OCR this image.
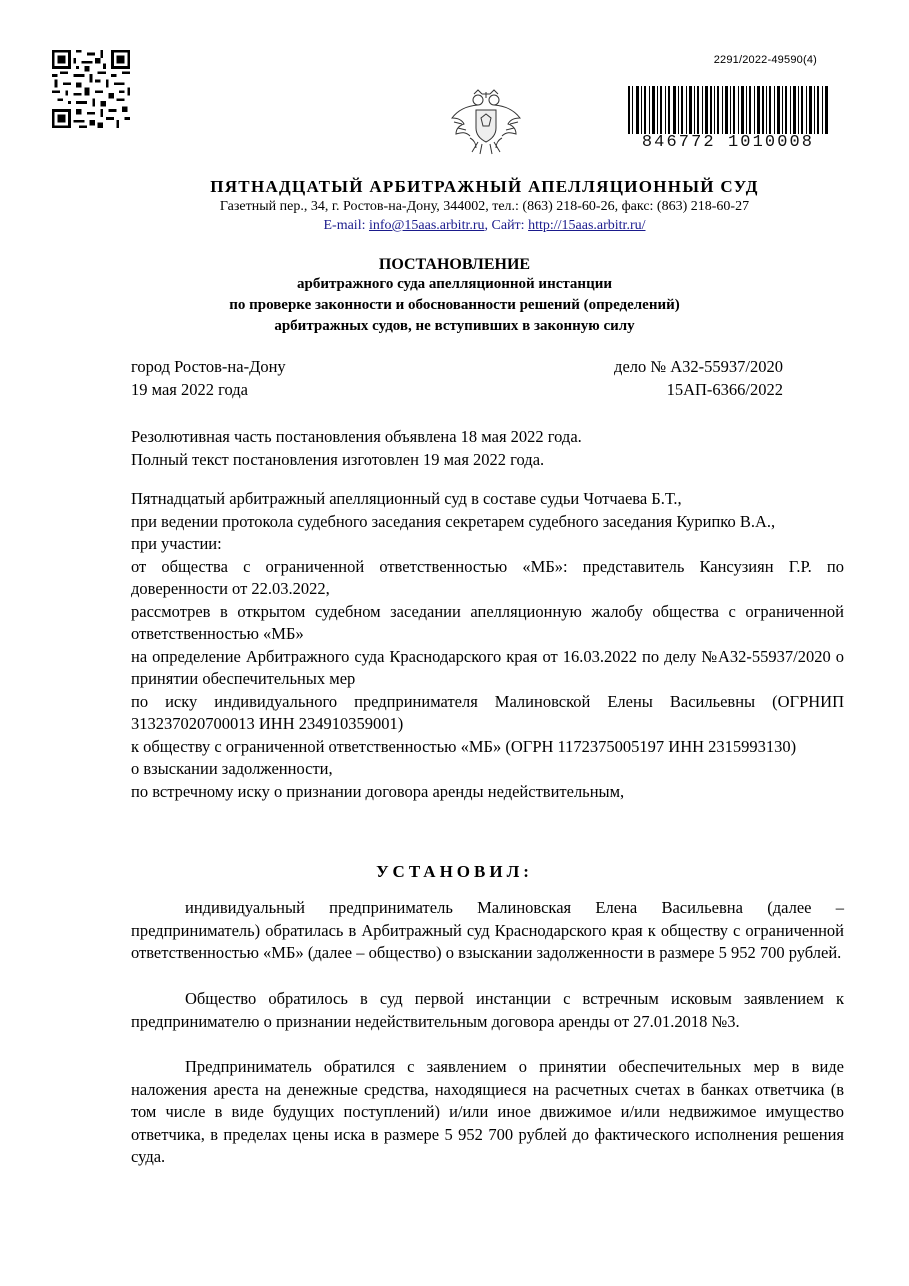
2291/2022-49590(4)
846772 1010008
ПЯТНАДЦАТЫЙ АРБИТРАЖНЫЙ АПЕЛЛЯЦИОННЫЙ СУД
Газетный пер., 34, г. Ростов-на-Дону, 344002, тел.: (863) 218-60-26, факс: (863) 218-60-27
E-mail: info@15aas.arbitr.ru, Сайт: http://15aas.arbitr.ru/
ПОСТАНОВЛЕНИЕ
арбитражного суда апелляционной инстанции
по проверке законности и обоснованности решений (определений)
арбитражных судов, не вступивших в законную силу
город Ростов-на-Дону
19 мая 2022 года
дело № А32-55937/2020
15АП-6366/2022
Резолютивная часть постановления объявлена 18 мая 2022 года.
Полный текст постановления изготовлен 19 мая 2022 года.
Пятнадцатый арбитражный апелляционный суд в составе судьи Чотчаева Б.Т.,
при ведении протокола судебного заседания секретарем судебного заседания Курипко В.А.,
при участии:
от общества с ограниченной ответственностью «МБ»: представитель Кансузиян Г.Р. по доверенности от 22.03.2022,
рассмотрев в открытом судебном заседании апелляционную жалобу общества с ограниченной ответственностью «МБ»
на определение Арбитражного суда Краснодарского края от 16.03.2022 по делу №А32-55937/2020 о принятии обеспечительных мер
по иску индивидуального предпринимателя Малиновской Елены Васильевны (ОГРНИП 313237020700013 ИНН 234910359001)
к обществу с ограниченной ответственностью «МБ» (ОГРН 1172375005197 ИНН 2315993130)
о взыскании задолженности,
по встречному иску о признании договора аренды недействительным,
УСТАНОВИЛ:
индивидуальный предприниматель Малиновская Елена Васильевна (далее – предприниматель) обратилась в Арбитражный суд Краснодарского края к обществу с ограниченной ответственностью «МБ» (далее – общество) о взыскании задолженности в размере 5 952 700 рублей.
Общество обратилось в суд первой инстанции с встречным исковым заявлением к предпринимателю о признании недействительным договора аренды от 27.01.2018 №3.
Предприниматель обратился с заявлением о принятии обеспечительных мер в виде наложения ареста на денежные средства, находящиеся на расчетных счетах в банках ответчика (в том числе в виде будущих поступлений) и/или иное движимое и/или недвижимое имущество ответчика, в пределах цены иска в размере 5 952 700 рублей до фактического исполнения решения суда.
